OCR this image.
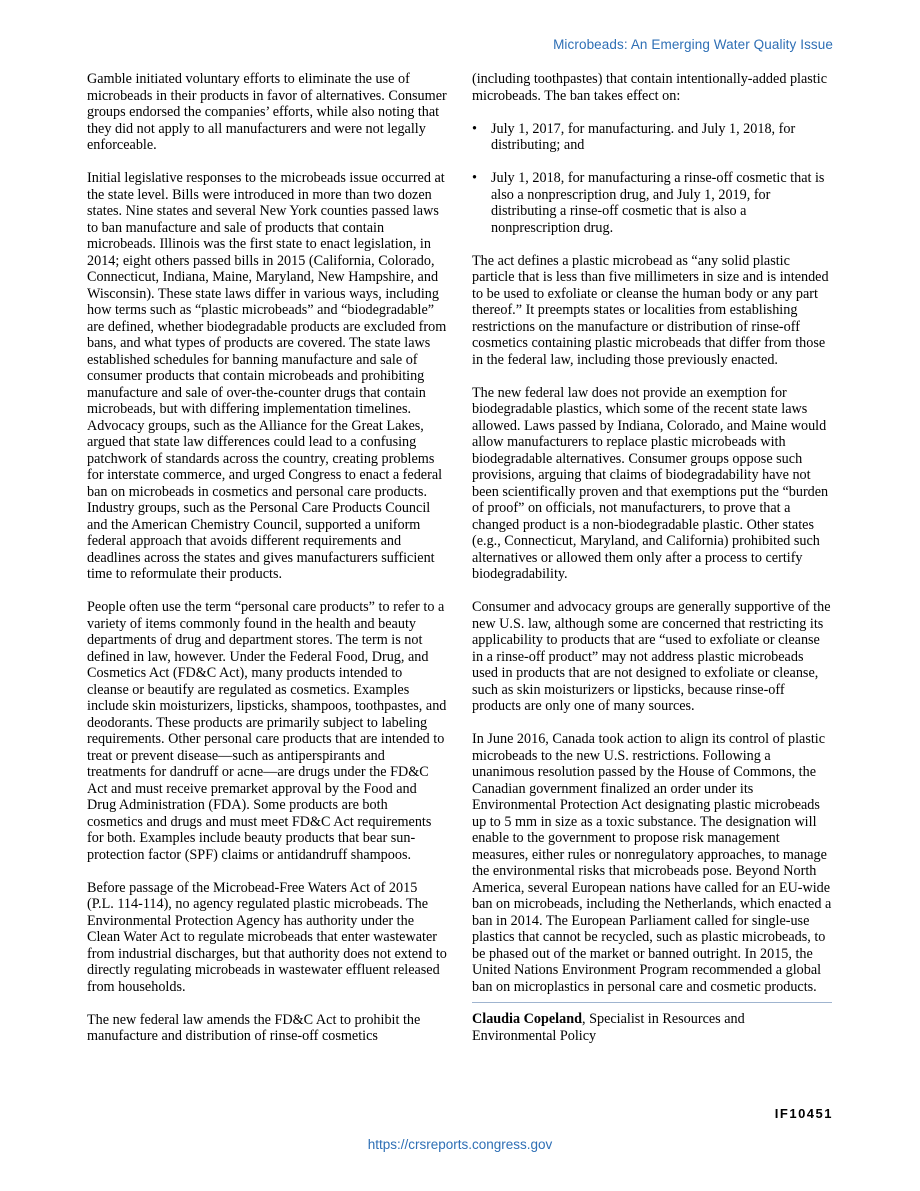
Microbeads: An Emerging Water Quality Issue

Gamble initiated voluntary efforts to eliminate the use of microbeads in their products in favor of alternatives. Consumer groups endorsed the companies’ efforts, while also noting that they did not apply to all manufacturers and were not legally enforceable.

Initial legislative responses to the microbeads issue occurred at the state level. Bills were introduced in more than two dozen states. Nine states and several New York counties passed laws to ban manufacture and sale of products that contain microbeads. Illinois was the first state to enact legislation, in 2014; eight others passed bills in 2015 (California, Colorado, Connecticut, Indiana, Maine, Maryland, New Hampshire, and Wisconsin). These state laws differ in various ways, including how terms such as “plastic microbeads” and “biodegradable” are defined, whether biodegradable products are excluded from bans, and what types of products are covered. The state laws established schedules for banning manufacture and sale of consumer products that contain microbeads and prohibiting manufacture and sale of over-the-counter drugs that contain microbeads, but with differing implementation timelines. Advocacy groups, such as the Alliance for the Great Lakes, argued that state law differences could lead to a confusing patchwork of standards across the country, creating problems for interstate commerce, and urged Congress to enact a federal ban on microbeads in cosmetics and personal care products. Industry groups, such as the Personal Care Products Council and the American Chemistry Council, supported a uniform federal approach that avoids different requirements and deadlines across the states and gives manufacturers sufficient time to reformulate their products.

People often use the term “personal care products” to refer to a variety of items commonly found in the health and beauty departments of drug and department stores. The term is not defined in law, however. Under the Federal Food, Drug, and Cosmetics Act (FD&C Act), many products intended to cleanse or beautify are regulated as cosmetics. Examples include skin moisturizers, lipsticks, shampoos, toothpastes, and deodorants. These products are primarily subject to labeling requirements. Other personal care products that are intended to treat or prevent disease—such as antiperspirants and treatments for dandruff or acne—are drugs under the FD&C Act and must receive premarket approval by the Food and Drug Administration (FDA). Some products are both cosmetics and drugs and must meet FD&C Act requirements for both. Examples include beauty products that bear sun-protection factor (SPF) claims or antidandruff shampoos.

Before passage of the Microbead-Free Waters Act of 2015 (P.L. 114-114), no agency regulated plastic microbeads. The Environmental Protection Agency has authority under the Clean Water Act to regulate microbeads that enter wastewater from industrial discharges, but that authority does not extend to directly regulating microbeads in wastewater effluent released from households.

The new federal law amends the FD&C Act to prohibit the manufacture and distribution of rinse-off cosmetics

(including toothpastes) that contain intentionally-added plastic microbeads. The ban takes effect on:

• July 1, 2017, for manufacturing. and July 1, 2018, for distributing; and
• July 1, 2018, for manufacturing a rinse-off cosmetic that is also a nonprescription drug, and July 1, 2019, for distributing a rinse-off cosmetic that is also a nonprescription drug.

The act defines a plastic microbead as “any solid plastic particle that is less than five millimeters in size and is intended to be used to exfoliate or cleanse the human body or any part thereof.” It preempts states or localities from establishing restrictions on the manufacture or distribution of rinse-off cosmetics containing plastic microbeads that differ from those in the federal law, including those previously enacted.

The new federal law does not provide an exemption for biodegradable plastics, which some of the recent state laws allowed. Laws passed by Indiana, Colorado, and Maine would allow manufacturers to replace plastic microbeads with biodegradable alternatives. Consumer groups oppose such provisions, arguing that claims of biodegradability have not been scientifically proven and that exemptions put the “burden of proof” on officials, not manufacturers, to prove that a changed product is a non-biodegradable plastic. Other states (e.g., Connecticut, Maryland, and California) prohibited such alternatives or allowed them only after a process to certify biodegradability.

Consumer and advocacy groups are generally supportive of the new U.S. law, although some are concerned that restricting its applicability to products that are “used to exfoliate or cleanse in a rinse-off product” may not address plastic microbeads used in products that are not designed to exfoliate or cleanse, such as skin moisturizers or lipsticks, because rinse-off products are only one of many sources.

In June 2016, Canada took action to align its control of plastic microbeads to the new U.S. restrictions. Following a unanimous resolution passed by the House of Commons, the Canadian government finalized an order under its Environmental Protection Act designating plastic microbeads up to 5 mm in size as a toxic substance. The designation will enable to the government to propose risk management measures, either rules or nonregulatory approaches, to manage the environmental risks that microbeads pose. Beyond North America, several European nations have called for an EU-wide ban on microbeads, including the Netherlands, which enacted a ban in 2014. The European Parliament called for single-use plastics that cannot be recycled, such as plastic microbeads, to be phased out of the market or banned outright. In 2015, the United Nations Environment Program recommended a global ban on microplastics in personal care and cosmetic products.

Claudia Copeland, Specialist in Resources and Environmental Policy
IF10451
https://crsreports.congress.gov
